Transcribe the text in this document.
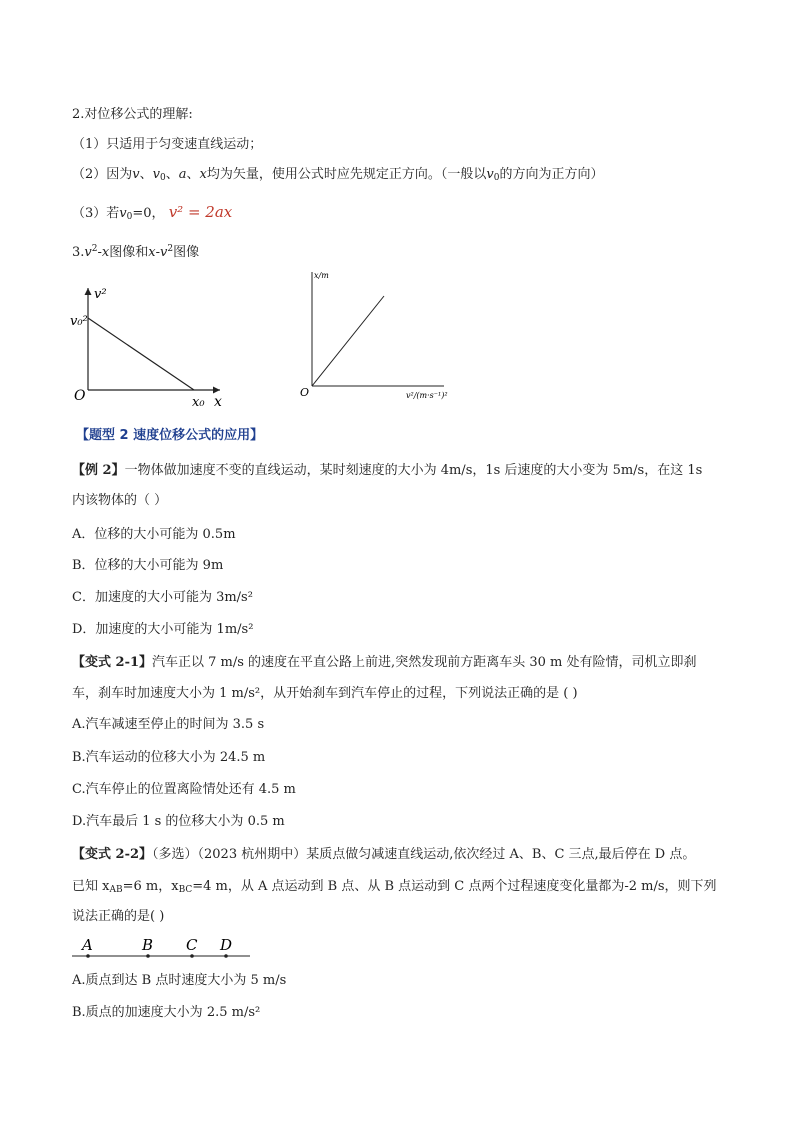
2.对位移公式的理解:
（1）只适用于匀变速直线运动；
（2）因为v、$v_0$、a、x均为矢量，使用公式时应先规定正方向。（一般以$v_0$的方向为正方向）
（3）若$v_0=0$， v² = 2ax
$3.v^2-x$图像和$x-v^2$图像
v²
v₀²
O	x₀ x
x/m
O	v²/(m·s⁻¹)²
【题型 2 速度位移公式的应用】
【例 2】一物体做加速度不变的直线运动，某时刻速度的大小为 4m/s，1s 后速度的大小变为 5m/s，在这 1s
内该物体的（ ）
A．位移的大小可能为 0.5m
B．位移的大小可能为 9m
C．加速度的大小可能为 3m/s²
D．加速度的大小可能为 1m/s²
【变式 2-1】汽车正以 7 m/s 的速度在平直公路上前进,突然发现前方距离车头 30 m 处有险情，司机立即刹
车，刹车时加速度大小为 1 m/s²，从开始刹车到汽车停止的过程，下列说法正确的是 ( )
A.汽车减速至停止的时间为 3.5 s
B.汽车运动的位移大小为 24.5 m
C.汽车停止的位置离险情处还有 4.5 m
D.汽车最后 1 s 的位移大小为 0.5 m
【变式 2-2】（多选）（2023 杭州期中）某质点做匀减速直线运动,依次经过 A、B、C 三点,最后停在 D 点。
已知 $x_{AB}=6$ m，$x_{BC}=4$ m，从 A 点运动到 B 点、从 B 点运动到 C 点两个过程速度变化量都为-2 m/s，则下列
说法正确的是( )
A	B C D
A.质点到达 B 点时速度大小为 5 m/s
B.质点的加速度大小为 2.5 m/s²
